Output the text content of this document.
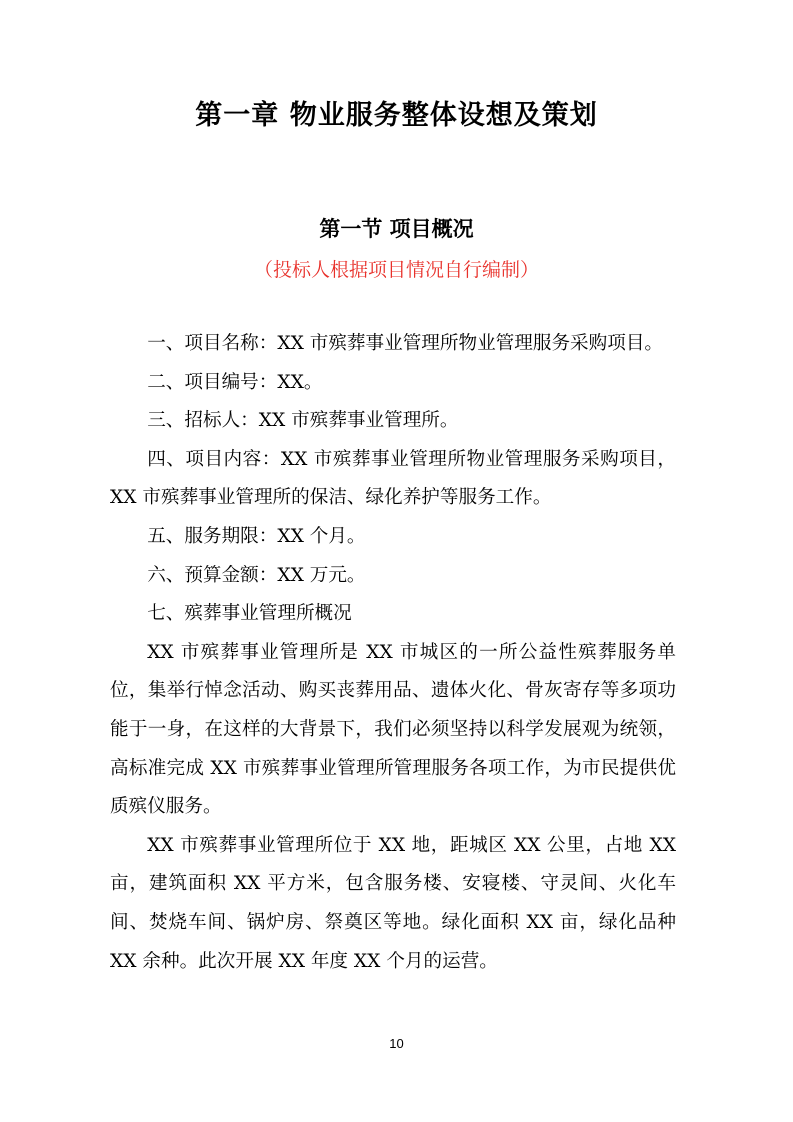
第一章 物业服务整体设想及策划
第一节 项目概况
（投标人根据项目情况自行编制）

一、项目名称：XX 市殡葬事业管理所物业管理服务采购项目。

二、项目编号：XX。

三、招标人：XX 市殡葬事业管理所。

四、项目内容：XX 市殡葬事业管理所物业管理服务采购项目，XX 市殡葬事业管理所的保洁、绿化养护等服务工作。

五、服务期限：XX 个月。

六、预算金额：XX 万元。

七、殡葬事业管理所概况

XX 市殡葬事业管理所是 XX 市城区的一所公益性殡葬服务单位，集举行悼念活动、购买丧葬用品、遗体火化、骨灰寄存等多项功能于一身，在这样的大背景下，我们必须坚持以科学发展观为统领，高标准完成 XX 市殡葬事业管理所管理服务各项工作，为市民提供优质殡仪服务。

XX 市殡葬事业管理所位于 XX 地，距城区 XX 公里，占地 XX 亩，建筑面积 XX 平方米，包含服务楼、安寝楼、守灵间、火化车间、焚烧车间、锅炉房、祭奠区等地。绿化面积 XX 亩，绿化品种 XX 余种。此次开展 XX 年度 XX 个月的运营。

10
